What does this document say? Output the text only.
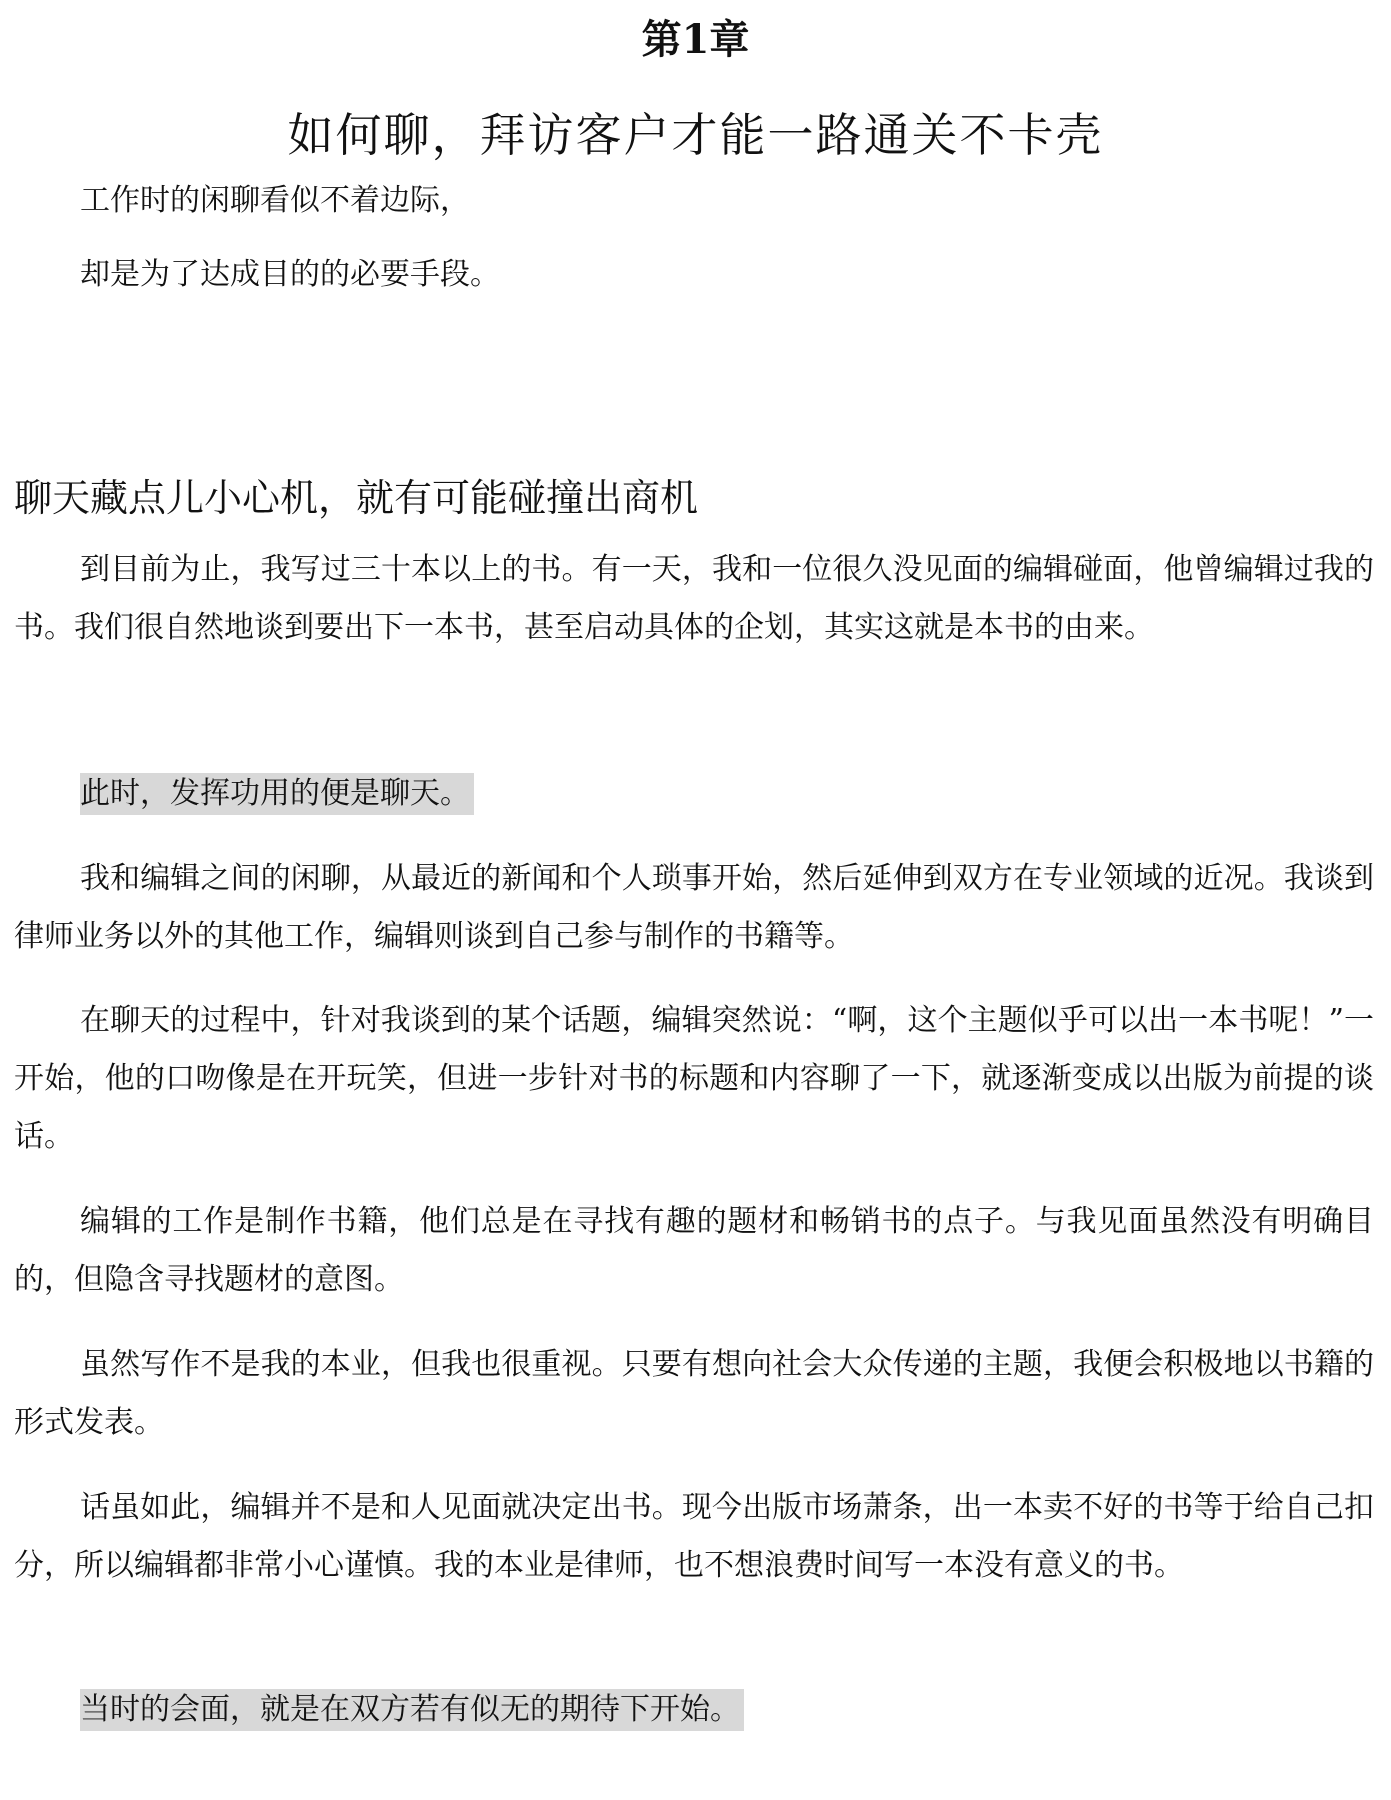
第1章
如何聊，拜访客户才能一路通关不卡壳
工作时的闲聊看似不着边际，
却是为了达成目的的必要手段。
聊天藏点儿小心机，就有可能碰撞出商机

到目前为止，我写过三十本以上的书。有一天，我和一位很久没见面的编辑碰面，他曾编辑过我的书。我们很自然地谈到要出下一本书，甚至启动具体的企划，其实这就是本书的由来。

此时，发挥功用的便是聊天。

我和编辑之间的闲聊，从最近的新闻和个人琐事开始，然后延伸到双方在专业领域的近况。我谈到律师业务以外的其他工作，编辑则谈到自己参与制作的书籍等。

在聊天的过程中，针对我谈到的某个话题，编辑突然说：“啊，这个主题似乎可以出一本书呢！”一开始，他的口吻像是在开玩笑，但进一步针对书的标题和内容聊了一下，就逐渐变成以出版为前提的谈话。

编辑的工作是制作书籍，他们总是在寻找有趣的题材和畅销书的点子。与我见面虽然没有明确目的，但隐含寻找题材的意图。

虽然写作不是我的本业，但我也很重视。只要有想向社会大众传递的主题，我便会积极地以书籍的形式发表。

话虽如此，编辑并不是和人见面就决定出书。现今出版市场萧条，出一本卖不好的书等于给自己扣分，所以编辑都非常小心谨慎。我的本业是律师，也不想浪费时间写一本没有意义的书。

当时的会面，就是在双方若有似无的期待下开始。
